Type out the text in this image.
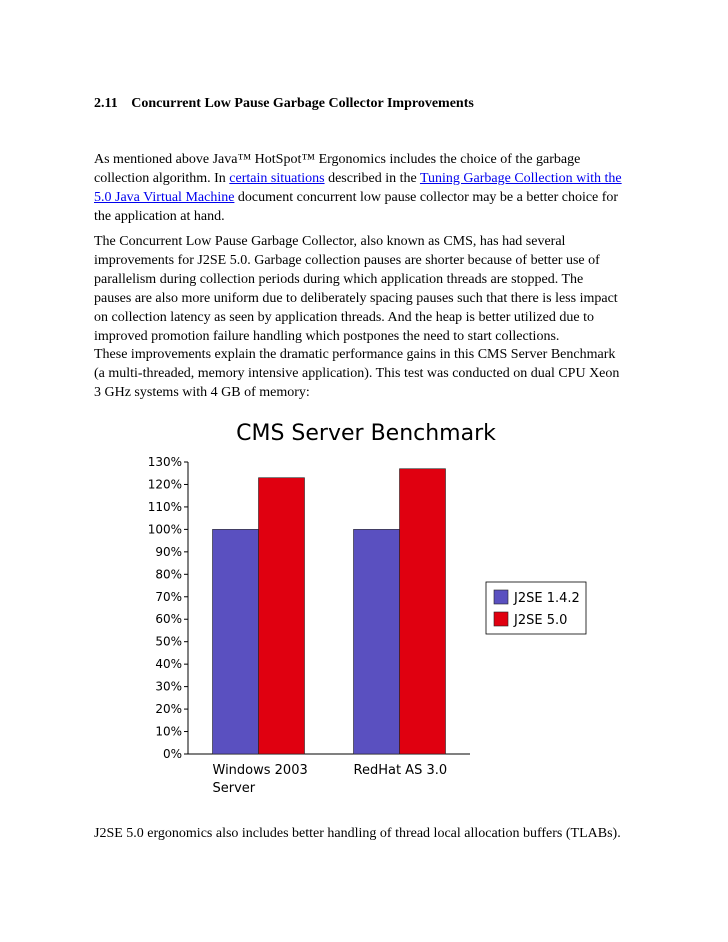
2.11 Concurrent Low Pause Garbage Collector Improvements
As mentioned above Java™ HotSpot™ Ergonomics includes the choice of the garbage
collection algorithm. In certain situations described in the Tuning Garbage Collection with the
5.0 Java Virtual Machine document concurrent low pause collector may be a better choice for
the application at hand.
The Concurrent Low Pause Garbage Collector, also known as CMS, has had several
improvements for J2SE 5.0. Garbage collection pauses are shorter because of better use of
parallelism during collection periods during which application threads are stopped. The
pauses are also more uniform due to deliberately spacing pauses such that there is less impact
on collection latency as seen by application threads. And the heap is better utilized due to
improved promotion failure handling which postpones the need to start collections.
These improvements explain the dramatic performance gains in this CMS Server Benchmark
(a multi-threaded, memory intensive application). This test was conducted on dual CPU Xeon
3 GHz systems with 4 GB of memory:
CMS Server Benchmark
0%
10%
20%
30%
40%
50%
60%
70%
80%
90%
100%
110%
120%
130%
Windows 2003
Server
RedHat AS 3.0
J2SE 1.4.2
J2SE 5.0
J2SE 5.0 ergonomics also includes better handling of thread local allocation buffers (TLABs).
